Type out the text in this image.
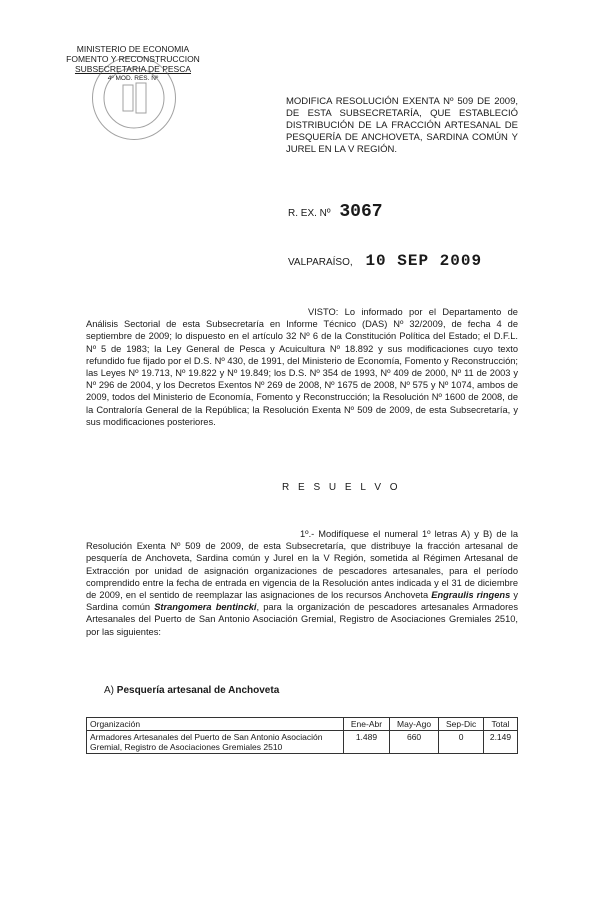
MINISTERIO DE ECONOMIA
FOMENTO Y RECONSTRUCCION
SUBSECRETARIA DE PESCA
4º MOD. RES. Nº
MODIFICA RESOLUCIÓN EXENTA Nº 509 DE 2009, DE ESTA SUBSECRETARÍA, QUE ESTABLECIÓ DISTRIBUCIÓN DE LA FRACCIÓN ARTESANAL DE PESQUERÍA DE ANCHOVETA, SARDINA COMÚN Y JUREL EN LA V REGIÓN.
R. EX. Nº 3067
VALPARAÍSO, 10 SEP 2009
VISTO: Lo informado por el Departamento de Análisis Sectorial de esta Subsecretaría en Informe Técnico (DAS) Nº 32/2009, de fecha 4 de septiembre de 2009; lo dispuesto en el artículo 32 Nº 6 de la Constitución Política del Estado; el D.F.L. Nº 5 de 1983; la Ley General de Pesca y Acuicultura Nº 18.892 y sus modificaciones cuyo texto refundido fue fijado por el D.S. Nº 430, de 1991, del Ministerio de Economía, Fomento y Reconstrucción; las Leyes Nº 19.713, Nº 19.822 y Nº 19.849; los D.S. Nº 354 de 1993, Nº 409 de 2000, Nº 11 de 2003 y Nº 296 de 2004, y los Decretos Exentos Nº 269 de 2008, Nº 1675 de 2008, Nº 575 y Nº 1074, ambos de 2009, todos del Ministerio de Economía, Fomento y Reconstrucción; la Resolución Nº 1600 de 2008, de la Contraloría General de la República; la Resolución Exenta Nº 509 de 2009, de esta Subsecretaría, y sus modificaciones posteriores.
R E S U E L V O
1º.- Modifíquese el numeral 1º letras A) y B) de la Resolución Exenta Nº 509 de 2009, de esta Subsecretaría, que distribuye la fracción artesanal de pesquería de Anchoveta, Sardina común y Jurel en la V Región, sometida al Régimen Artesanal de Extracción por unidad de asignación organizaciones de pescadores artesanales, para el período comprendido entre la fecha de entrada en vigencia de la Resolución antes indicada y el 31 de diciembre de 2009, en el sentido de reemplazar las asignaciones de los recursos Anchoveta Engraulis ringens y Sardina común Strangomera bentincki, para la organización de pescadores artesanales Armadores Artesanales del Puerto de San Antonio Asociación Gremial, Registro de Asociaciones Gremiales 2510, por las siguientes:
A) Pesquería artesanal de Anchoveta
Organización	Ene-Abr	May-Ago	Sep-Dic	Total
Armadores Artesanales del Puerto de San Antonio Asociación Gremial, Registro de Asociaciones Gremiales 2510	1.489	660	0	2.149
